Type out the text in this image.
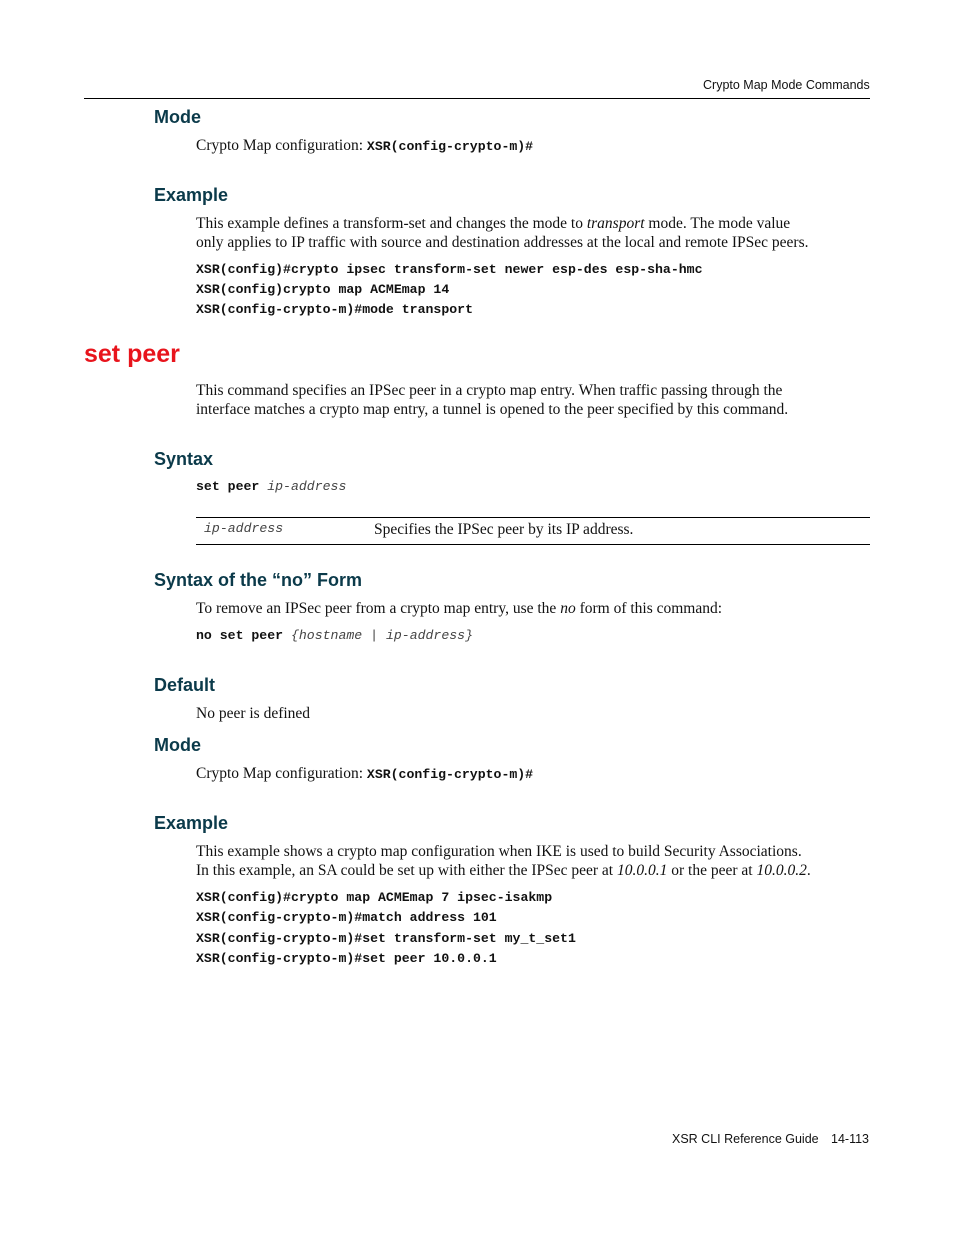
Crypto Map Mode Commands
Mode
Crypto Map configuration: XSR(config-crypto-m)#
Example
This example defines a transform-set and changes the mode to transport mode. The mode value
only applies to IP traffic with source and destination addresses at the local and remote IPSec peers.
XSR(config)#crypto ipsec transform-set newer esp-des esp-sha-hmc
XSR(config)crypto map ACMEmap 14
XSR(config-crypto-m)#mode transport
set peer
This command specifies an IPSec peer in a crypto map entry. When traffic passing through the
interface matches a crypto map entry, a tunnel is opened to the peer specified by this command.
Syntax
set peer ip-address
ip-address	Specifies the IPSec peer by its IP address.
Syntax of the “no” Form
To remove an IPSec peer from a crypto map entry, use the no form of this command:
no set peer {hostname | ip-address}
Default
No peer is defined
Mode
Crypto Map configuration: XSR(config-crypto-m)#
Example
This example shows a crypto map configuration when IKE is used to build Security Associations.
In this example, an SA could be set up with either the IPSec peer at 10.0.0.1 or the peer at 10.0.0.2.
XSR(config)#crypto map ACMEmap 7 ipsec-isakmp
XSR(config-crypto-m)#match address 101
XSR(config-crypto-m)#set transform-set my_t_set1
XSR(config-crypto-m)#set peer 10.0.0.1
XSR CLI Reference Guide 14-113
